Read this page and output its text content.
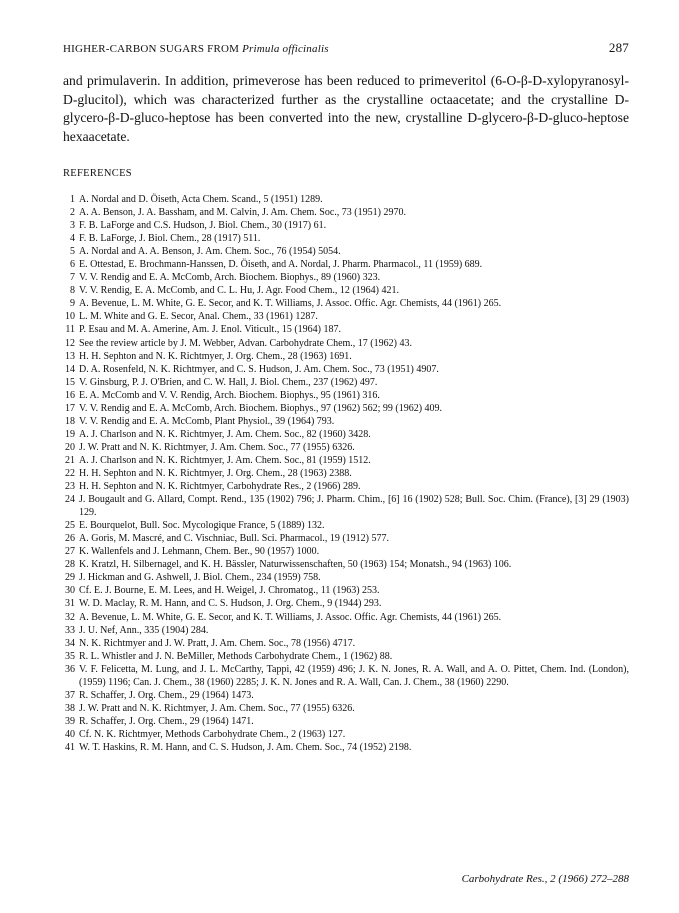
HIGHER-CARBON SUGARS FROM Primula officinalis	287

and primulaverin. In addition, primeverose has been reduced to primeveritol (6-O-β-D-xylopyranosyl-D-glucitol), which was characterized further as the crystalline octaacetate; and the crystalline D-glycero-β-D-gluco-heptose has been converted into the new, crystalline D-glycero-β-D-gluco-heptose hexaacetate.

REFERENCES
1 A. Nordal and D. Öiseth, Acta Chem. Scand., 5 (1951) 1289.
2 A. A. Benson, J. A. Bassham, and M. Calvin, J. Am. Chem. Soc., 73 (1951) 2970.
3 F. B. LaForge and C.S. Hudson, J. Biol. Chem., 30 (1917) 61.
4 F. B. LaForge, J. Biol. Chem., 28 (1917) 511.
5 A. Nordal and A. A. Benson, J. Am. Chem. Soc., 76 (1954) 5054.
6 E. Ottestad, E. Brochmann-Hanssen, D. Öiseth, and A. Nordal, J. Pharm. Pharmacol., 11 (1959) 689.
7 V. V. Rendig and E. A. McComb, Arch. Biochem. Biophys., 89 (1960) 323.
8 V. V. Rendig, E. A. McComb, and C. L. Hu, J. Agr. Food Chem., 12 (1964) 421.
9 A. Bevenue, L. M. White, G. E. Secor, and K. T. Williams, J. Assoc. Offic. Agr. Chemists, 44 (1961) 265.
10 L. M. White and G. E. Secor, Anal. Chem., 33 (1961) 1287.
11 P. Esau and M. A. Amerine, Am. J. Enol. Viticult., 15 (1964) 187.
12 See the review article by J. M. Webber, Advan. Carbohydrate Chem., 17 (1962) 43.
13 H. H. Sephton and N. K. Richtmyer, J. Org. Chem., 28 (1963) 1691.
14 D. A. Rosenfeld, N. K. Richtmyer, and C. S. Hudson, J. Am. Chem. Soc., 73 (1951) 4907.
15 V. Ginsburg, P. J. O'Brien, and C. W. Hall, J. Biol. Chem., 237 (1962) 497.
16 E. A. McComb and V. V. Rendig, Arch. Biochem. Biophys., 95 (1961) 316.
17 V. V. Rendig and E. A. McComb, Arch. Biochem. Biophys., 97 (1962) 562; 99 (1962) 409.
18 V. V. Rendig and E. A. McComb, Plant Physiol., 39 (1964) 793.
19 A. J. Charlson and N. K. Richtmyer, J. Am. Chem. Soc., 82 (1960) 3428.
20 J. W. Pratt and N. K. Richtmyer, J. Am. Chem. Soc., 77 (1955) 6326.
21 A. J. Charlson and N. K. Richtmyer, J. Am. Chem. Soc., 81 (1959) 1512.
22 H. H. Sephton and N. K. Richtmyer, J. Org. Chem., 28 (1963) 2388.
23 H. H. Sephton and N. K. Richtmyer, Carbohydrate Res., 2 (1966) 289.
24 J. Bougault and G. Allard, Compt. Rend., 135 (1902) 796; J. Pharm. Chim., [6] 16 (1902) 528; Bull. Soc. Chim. (France), [3] 29 (1903) 129.
25 E. Bourquelot, Bull. Soc. Mycologique France, 5 (1889) 132.
26 A. Goris, M. Mascré, and C. Vischniac, Bull. Sci. Pharmacol., 19 (1912) 577.
27 K. Wallenfels and J. Lehmann, Chem. Ber., 90 (1957) 1000.
28 K. Kratzl, H. Silbernagel, and K. H. Bässler, Naturwissenschaften, 50 (1963) 154; Monatsh., 94 (1963) 106.
29 J. Hickman and G. Ashwell, J. Biol. Chem., 234 (1959) 758.
30 Cf. E. J. Bourne, E. M. Lees, and H. Weigel, J. Chromatog., 11 (1963) 253.
31 W. D. Maclay, R. M. Hann, and C. S. Hudson, J. Org. Chem., 9 (1944) 293.
32 A. Bevenue, L. M. White, G. E. Secor, and K. T. Williams, J. Assoc. Offic. Agr. Chemists, 44 (1961) 265.
33 J. U. Nef, Ann., 335 (1904) 284.
34 N. K. Richtmyer and J. W. Pratt, J. Am. Chem. Soc., 78 (1956) 4717.
35 R. L. Whistler and J. N. BeMiller, Methods Carbohydrate Chem., 1 (1962) 88.
36 V. F. Felicetta, M. Lung, and J. L. McCarthy, Tappi, 42 (1959) 496; J. K. N. Jones, R. A. Wall, and A. O. Pittet, Chem. Ind. (London), (1959) 1196; Can. J. Chem., 38 (1960) 2285; J. K. N. Jones and R. A. Wall, Can. J. Chem., 38 (1960) 2290.
37 R. Schaffer, J. Org. Chem., 29 (1964) 1473.
38 J. W. Pratt and N. K. Richtmyer, J. Am. Chem. Soc., 77 (1955) 6326.
39 R. Schaffer, J. Org. Chem., 29 (1964) 1471.
40 Cf. N. K. Richtmyer, Methods Carbohydrate Chem., 2 (1963) 127.
41 W. T. Haskins, R. M. Hann, and C. S. Hudson, J. Am. Chem. Soc., 74 (1952) 2198.
Carbohydrate Res., 2 (1966) 272–288
